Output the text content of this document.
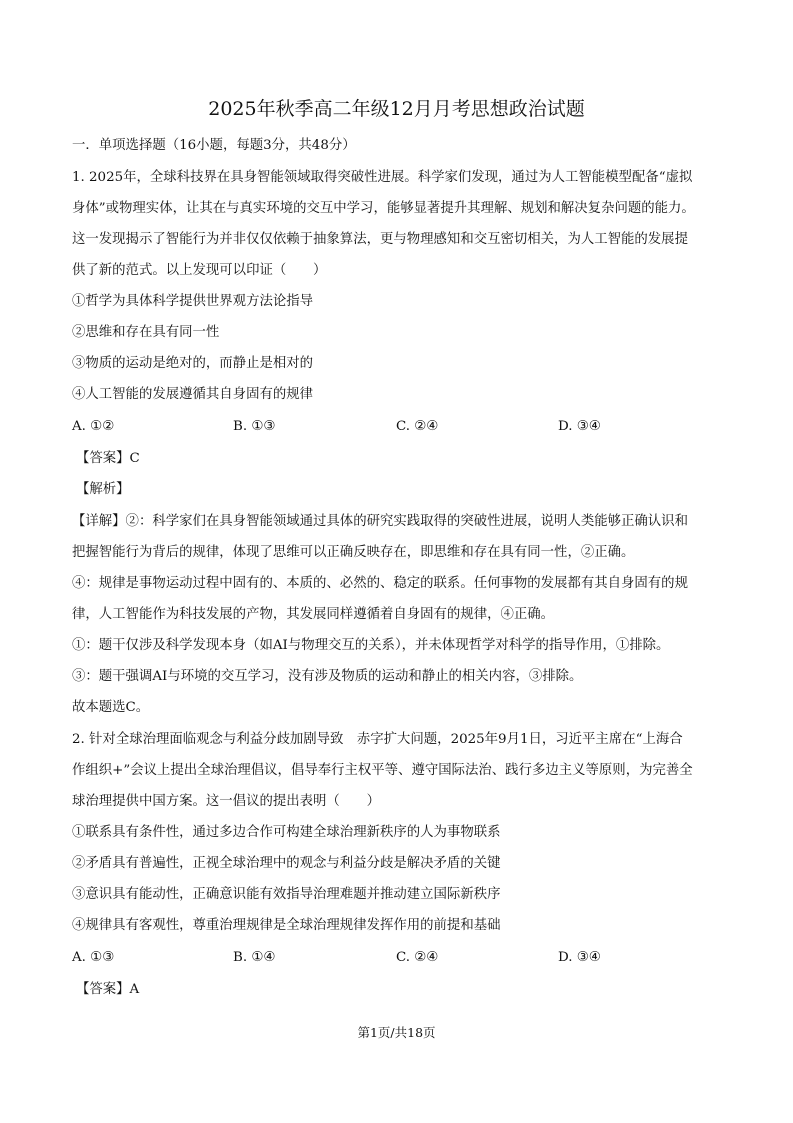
2025年秋季高二年级12月月考思想政治试题
一．单项选择题（16小题，每题3分，共48分）
1. 2025年，全球科技界在具身智能领域取得突破性进展。科学家们发现，通过为人工智能模型配备“虚拟
身体”或物理实体，让其在与真实环境的交互中学习，能够显著提升其理解、规划和解决复杂问题的能力。
这一发现揭示了智能行为并非仅仅依赖于抽象算法，更与物理感知和交互密切相关，为人工智能的发展提
供了新的范式。以上发现可以印证（　　）
①哲学为具体科学提供世界观方法论指导
②思维和存在具有同一性
③物质的运动是绝对的，而静止是相对的
④人工智能的发展遵循其自身固有的规律
A. ①②	B. ①③	C. ②④	D. ③④
【答案】C
【解析】
【详解】②：科学家们在具身智能领域通过具体的研究实践取得的突破性进展，说明人类能够正确认识和
把握智能行为背后的规律，体现了思维可以正确反映存在，即思维和存在具有同一性，②正确。
④：规律是事物运动过程中固有的、本质的、必然的、稳定的联系。任何事物的发展都有其自身固有的规
律，人工智能作为科技发展的产物，其发展同样遵循着自身固有的规律，④正确。
①：题干仅涉及科学发现本身（如AI与物理交互的关系），并未体现哲学对科学的指导作用，①排除。
③：题干强调AI与环境的交互学习，没有涉及物质的运动和静止的相关内容，③排除。
故本题选C。
2. 针对全球治理面临观念与利益分歧加剧导致　赤字扩大问题，2025年9月1日，习近平主席在“上海合
作组织+”会议上提出全球治理倡议，倡导奉行主权平等、遵守国际法治、践行多边主义等原则，为完善全
球治理提供中国方案。这一倡议的提出表明（　　）
①联系具有条件性，通过多边合作可构建全球治理新秩序的人为事物联系
②矛盾具有普遍性，正视全球治理中的观念与利益分歧是解决矛盾的关键
③意识具有能动性，正确意识能有效指导治理难题并推动建立国际新秩序
④规律具有客观性，尊重治理规律是全球治理规律发挥作用的前提和基础
A. ①③	B. ①④	C. ②④	D. ③④
【答案】A
第1页/共18页
